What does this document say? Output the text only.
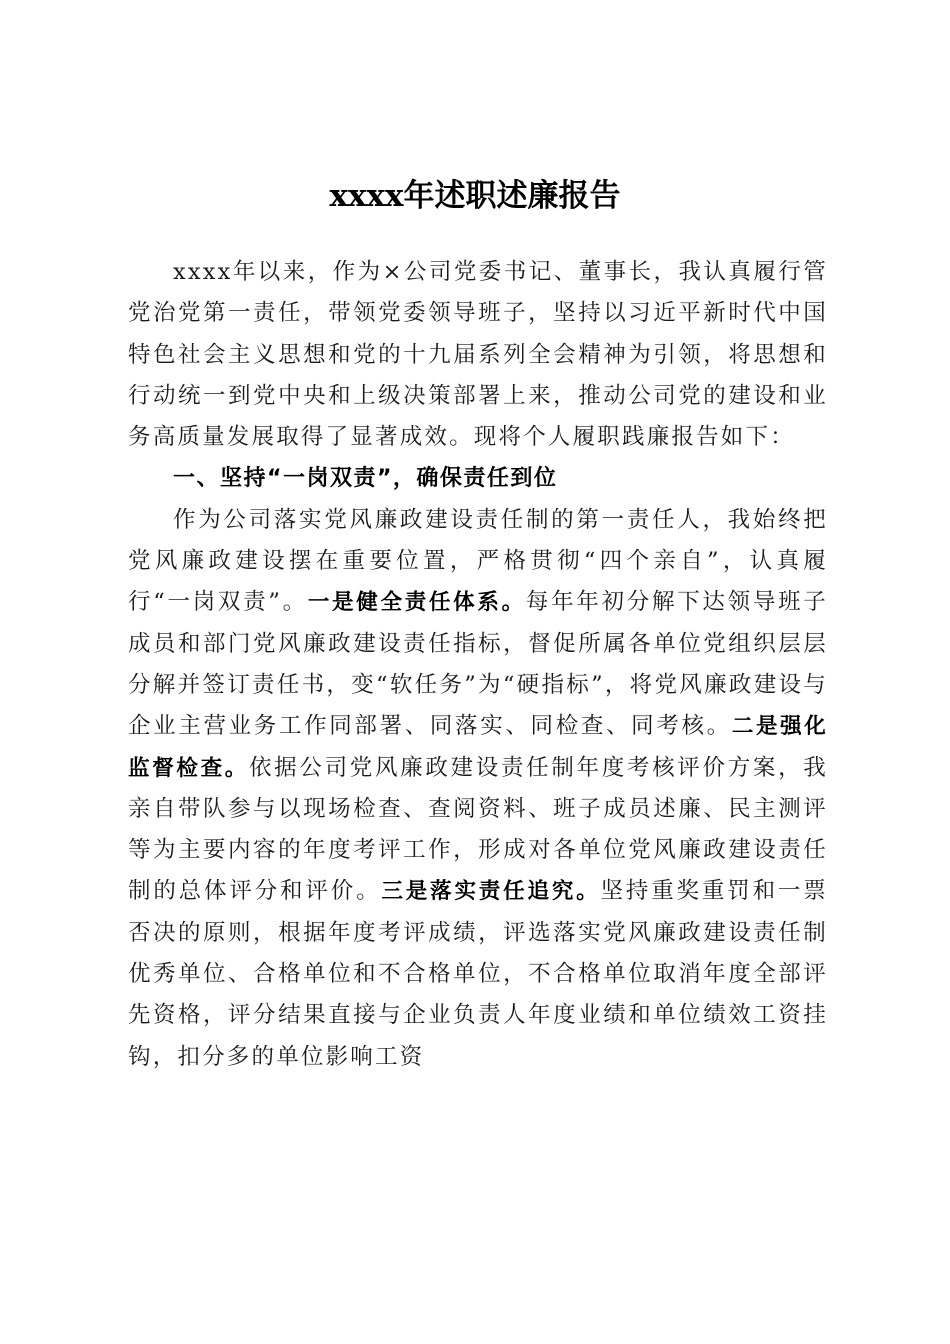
xxxx年述职述廉报告

xxxx年以来，作为×公司党委书记、董事长，我认真履行管党治党第一责任，带领党委领导班子，坚持以习近平新时代中国特色社会主义思想和党的十九届系列全会精神为引领，将思想和行动统一到党中央和上级决策部署上来，推动公司党的建设和业务高质量发展取得了显著成效。现将个人履职践廉报告如下：

一、坚持“一岗双责”，确保责任到位

作为公司落实党风廉政建设责任制的第一责任人，我始终把党风廉政建设摆在重要位置，严格贯彻“四个亲自”，认真履行“一岗双责”。一是健全责任体系。每年年初分解下达领导班子成员和部门党风廉政建设责任指标，督促所属各单位党组织层层分解并签订责任书，变“软任务”为“硬指标”，将党风廉政建设与企业主营业务工作同部署、同落实、同检查、同考核。二是强化监督检查。依据公司党风廉政建设责任制年度考核评价方案，我亲自带队参与以现场检查、查阅资料、班子成员述廉、民主测评等为主要内容的年度考评工作，形成对各单位党风廉政建设责任制的总体评分和评价。三是落实责任追究。坚持重奖重罚和一票否决的原则，根据年度考评成绩，评选落实党风廉政建设责任制优秀单位、合格单位和不合格单位，不合格单位取消年度全部评先资格，评分结果直接与企业负责人年度业绩和单位绩效工资挂钩，扣分多的单位影响工资
